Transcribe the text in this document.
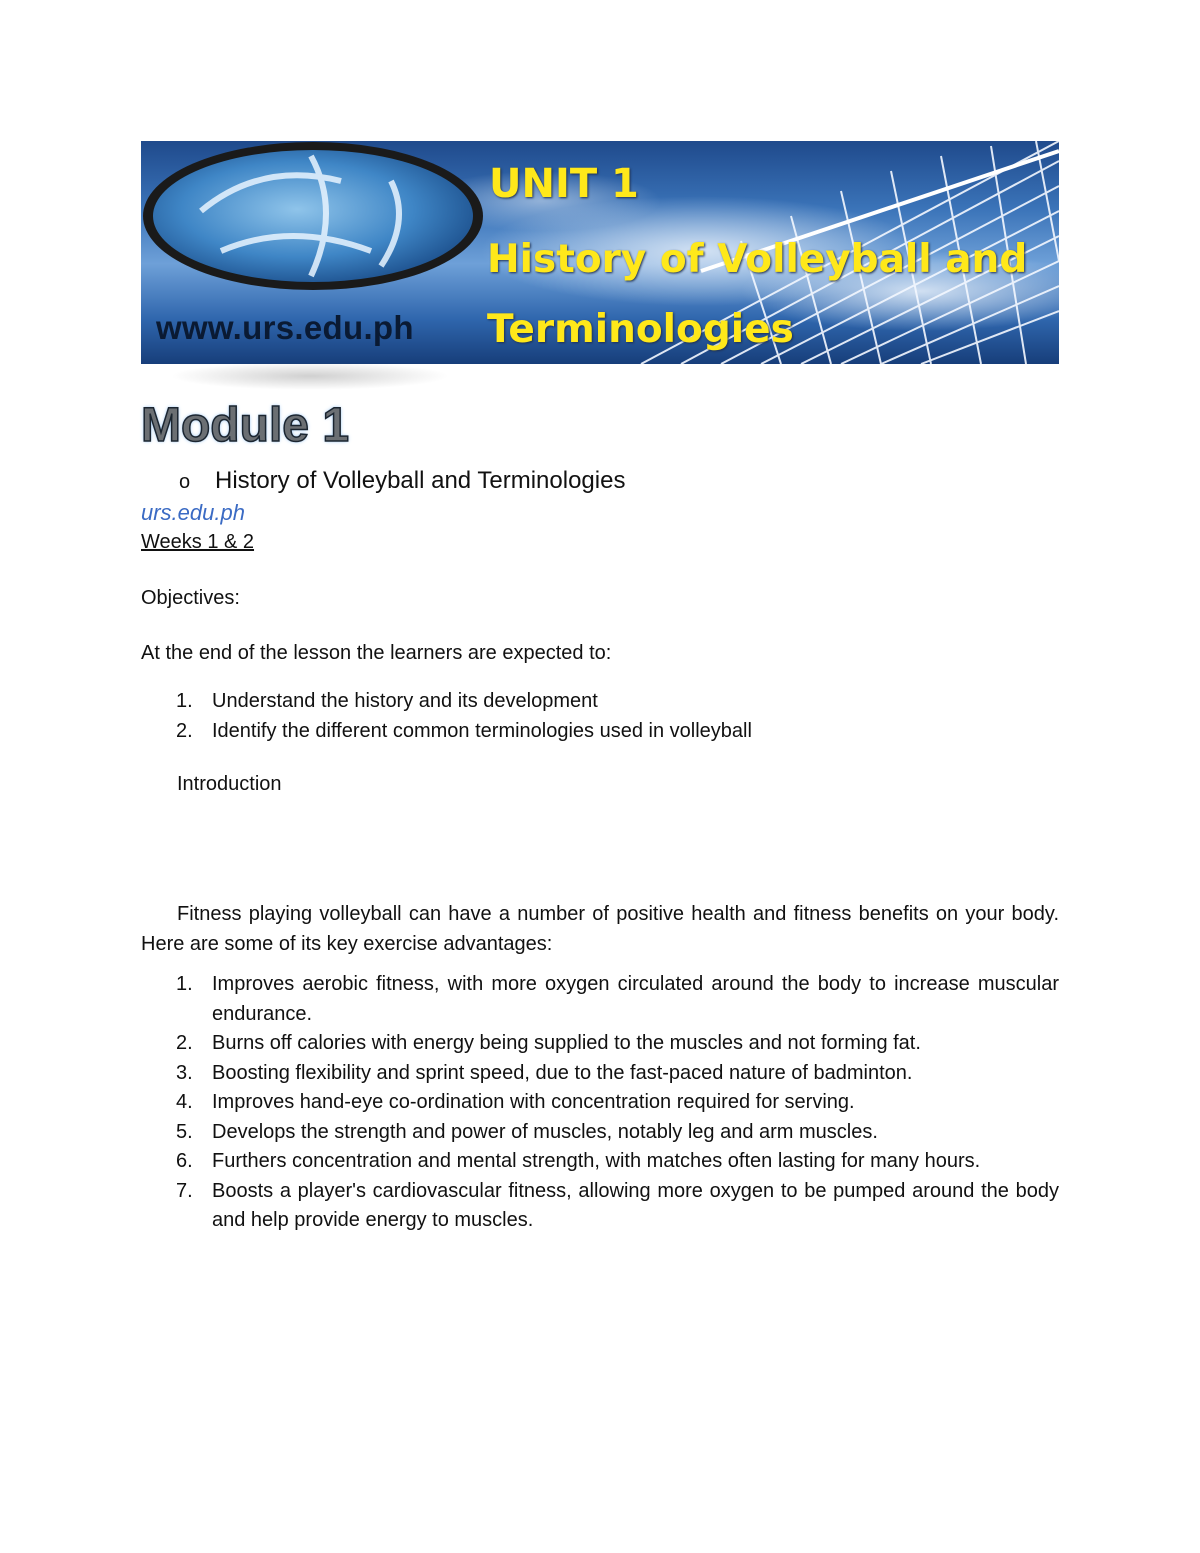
UNIT 1
History of Volleyball and
Terminologies
www.urs.edu.ph
Module 1
o History of Volleyball and Terminologies
urs.edu.ph
Weeks 1 & 2
Objectives:
At the end of the lesson the learners are expected to:
1. Understand the history and its development
2. Identify the different common terminologies used in volleyball
Introduction

Fitness playing volleyball can have a number of positive health and fitness benefits on your body. Here are some of its key exercise advantages:

1. Improves aerobic fitness, with more oxygen circulated around the body to increase muscular endurance.
2. Burns off calories with energy being supplied to the muscles and not forming fat.
3. Boosting flexibility and sprint speed, due to the fast-paced nature of badminton.
4. Improves hand-eye co-ordination with concentration required for serving.
5. Develops the strength and power of muscles, notably leg and arm muscles.
6. Furthers concentration and mental strength, with matches often lasting for many hours.
7. Boosts a player's cardiovascular fitness, allowing more oxygen to be pumped around the body and help provide energy to muscles.
